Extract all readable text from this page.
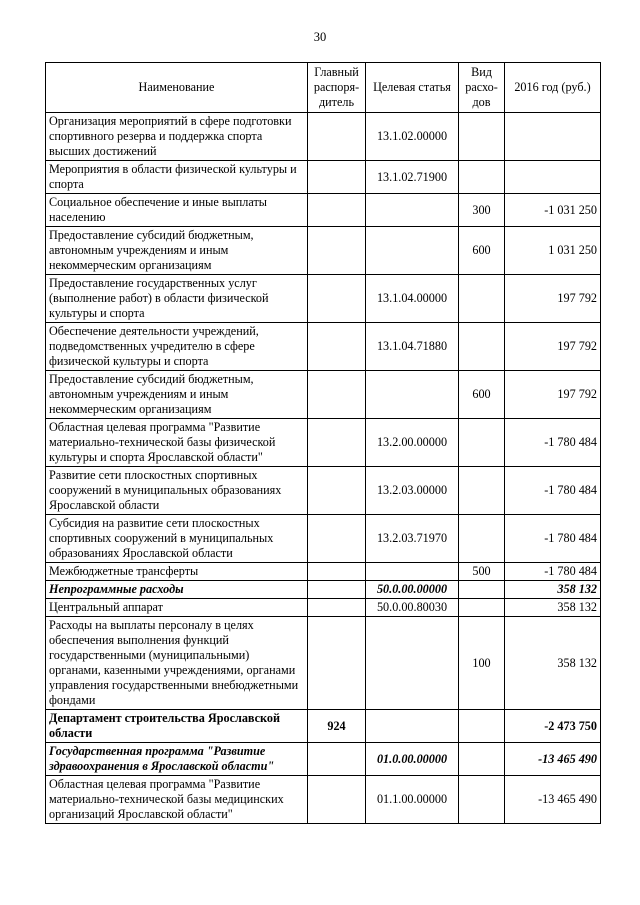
30
Наименование	Главный распоря-дитель	Целевая статья	Вид расхо-дов	2016 год (руб.)
Организация мероприятий в сфере подготовки спортивного резерва и поддержка спорта высших достижений		13.1.02.00000		
Мероприятия в области физической культуры и спорта		13.1.02.71900		
Социальное обеспечение и иные выплаты населению			300	-1 031 250
Предоставление субсидий бюджетным, автономным учреждениям и иным некоммерческим организациям			600	1 031 250
Предоставление государственных услуг (выполнение работ) в области физической культуры и спорта		13.1.04.00000		197 792
Обеспечение деятельности учреждений, подведомственных учредителю в сфере физической культуры и спорта		13.1.04.71880		197 792
Предоставление субсидий бюджетным, автономным учреждениям и иным некоммерческим организациям			600	197 792
Областная целевая программа "Развитие материально-технической базы физической культуры и спорта Ярославской области"		13.2.00.00000		-1 780 484
Развитие сети плоскостных спортивных сооружений в муниципальных образованиях Ярославской области		13.2.03.00000		-1 780 484
Субсидия на развитие сети плоскостных спортивных сооружений в муниципальных образованиях Ярославской области		13.2.03.71970		-1 780 484
Межбюджетные трансферты			500	-1 780 484
Непрограммные расходы		50.0.00.00000		358 132
Центральный аппарат		50.0.00.80030		358 132
Расходы на выплаты персоналу в целях обеспечения выполнения функций государственными (муниципальными) органами, казенными учреждениями, органами управления государственными внебюджетными фондами			100	358 132
Департамент строительства Ярославской области	924			-2 473 750
Государственная программа "Развитие здравоохранения в Ярославской области"		01.0.00.00000		-13 465 490
Областная целевая программа "Развитие материально-технической базы медицинских организаций Ярославской области"		01.1.00.00000		-13 465 490
